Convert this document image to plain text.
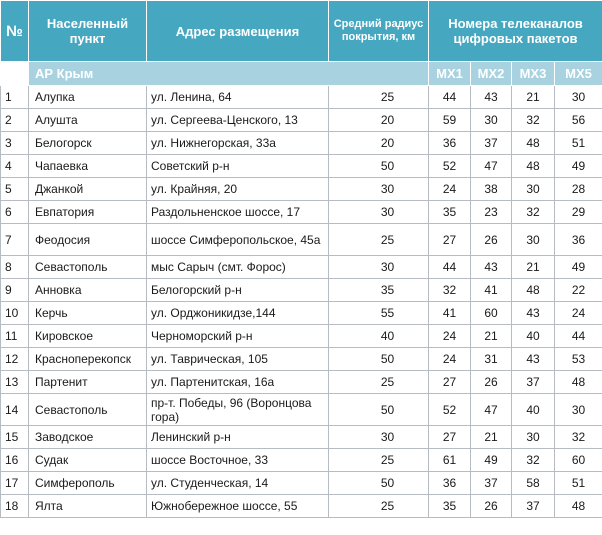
№	Населенный пункт	Адрес размещения	Средний радиус покрытия, км	Номера телеканалов цифровых пакетов			
	АР Крым			MX1	MX2	MX3	MX5
1	Алупка	ул. Ленина, 64	25	44	43	21	30
2	Алушта	ул. Сергеева-Ценского, 13	20	59	30	32	56
3	Белогорск	ул. Нижнегорская, 33а	20	36	37	48	51
4	Чапаевка	Советский р-н	50	52	47	48	49
5	Джанкой	ул. Крайняя, 20	30	24	38	30	28
6	Евпатория	Раздольненское шоссе, 17	30	35	23	32	29
7	Феодосия	шоссе Симферопольское, 45а	25	27	26	30	36
8	Севастополь	мыс Сарыч (смт. Форос)	30	44	43	21	49
9	Анновка	Белогорский р-н	35	32	41	48	22
10	Керчь	ул. Орджоникидзе,144	55	41	60	43	24
11	Кировское	Черноморский р-н	40	24	21	40	44
12	Красноперекопск	ул. Таврическая, 105	50	24	31	43	53
13	Партенит	ул. Партенитская, 16а	25	27	26	37	48
14	Севастополь	пр-т. Победы, 96 (Воронцова гора)	50	52	47	40	30
15	Заводское	Ленинский р-н	30	27	21	30	32
16	Судак	шоссе Восточное, 33	25	61	49	32	60
17	Симферополь	ул. Студенческая, 14	50	36	37	58	51
18	Ялта	Южнобережное шоссе, 55	25	35	26	37	48
